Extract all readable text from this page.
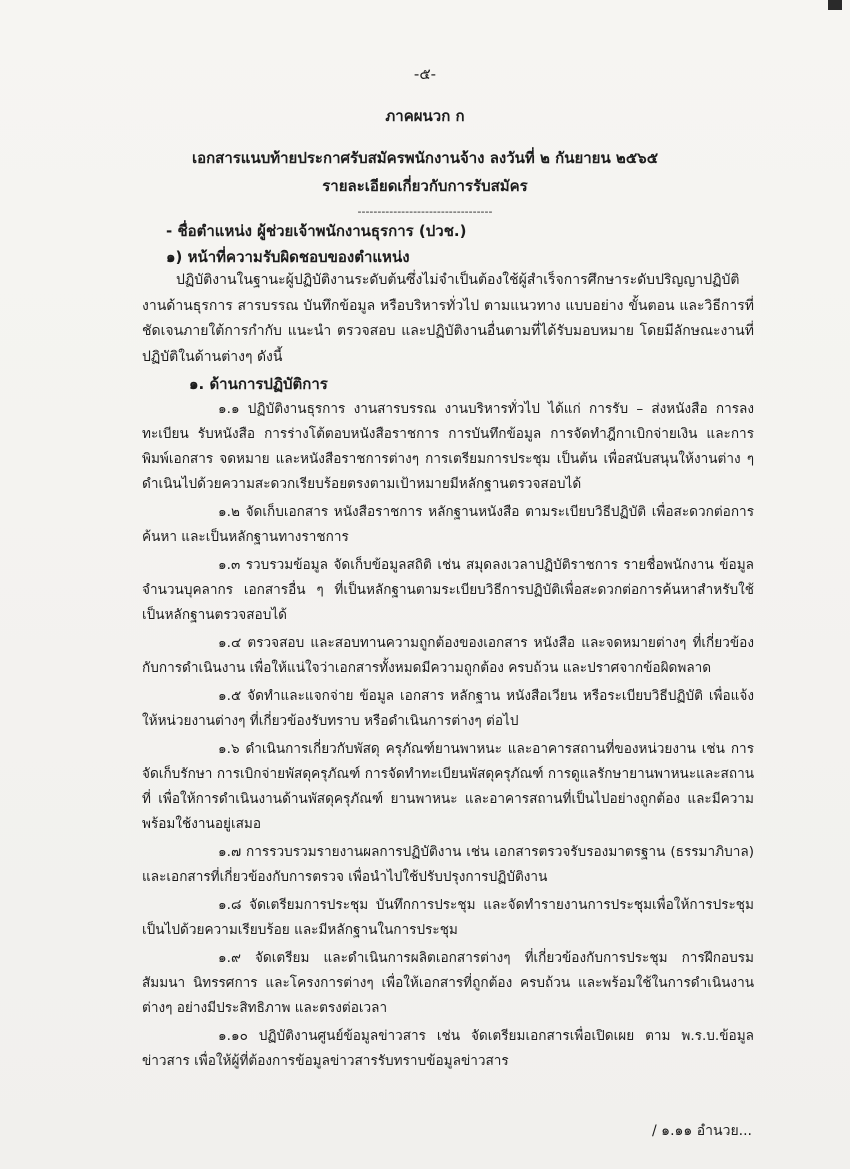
-๕-
ภาคผนวก ก
เอกสารแนบท้ายประกาศรับสมัครพนักงานจ้าง ลงวันที่ ๒ กันยายน ๒๕๖๕
รายละเอียดเกี่ยวกับการรับสมัคร
----------------------------------
- ชื่อตำแหน่ง ผู้ช่วยเจ้าพนักงานธุรการ (ปวช.)
๑) หน้าที่ความรับผิดชอบของตำแหน่ง
ปฏิบัติงานในฐานะผู้ปฏิบัติงานระดับต้นซึ่งไม่จำเป็นต้องใช้ผู้สำเร็จการศึกษาระดับปริญญาปฏิบัติงานด้านธุรการ สารบรรณ บันทึกข้อมูล หรือบริหารทั่วไป ตามแนวทาง แบบอย่าง ขั้นตอน และวิธีการที่ชัดเจนภายใต้การกำกับ แนะนำ ตรวจสอบ และปฏิบัติงานอื่นตามที่ได้รับมอบหมาย โดยมีลักษณะงานที่ปฏิบัติในด้านต่างๆ ดังนี้
๑. ด้านการปฏิบัติการ
๑.๑ ปฏิบัติงานธุรการ งานสารบรรณ งานบริหารทั่วไป ได้แก่ การรับ – ส่งหนังสือ การลงทะเบียน รับหนังสือ การร่างโต้ตอบหนังสือราชการ การบันทึกข้อมูล การจัดทำฎีกาเบิกจ่ายเงิน และการพิมพ์เอกสาร จดหมาย และหนังสือราชการต่างๆ การเตรียมการประชุม เป็นต้น เพื่อสนับสนุนให้งานต่าง ๆ ดำเนินไปด้วยความสะดวกเรียบร้อยตรงตามเป้าหมายมีหลักฐานตรวจสอบได้
๑.๒ จัดเก็บเอกสาร หนังสือราชการ หลักฐานหนังสือ ตามระเบียบวิธีปฏิบัติ เพื่อสะดวกต่อการค้นหา และเป็นหลักฐานทางราชการ
๑.๓ รวบรวมข้อมูล จัดเก็บข้อมูลสถิติ เช่น สมุดลงเวลาปฏิบัติราชการ รายชื่อพนักงาน ข้อมูลจำนวนบุคลากร เอกสารอื่น ๆ ที่เป็นหลักฐานตามระเบียบวิธีการปฏิบัติเพื่อสะดวกต่อการค้นหาสำหรับใช้เป็นหลักฐานตรวจสอบได้
๑.๔ ตรวจสอบ และสอบทานความถูกต้องของเอกสาร หนังสือ และจดหมายต่างๆ ที่เกี่ยวข้องกับการดำเนินงาน เพื่อให้แน่ใจว่าเอกสารทั้งหมดมีความถูกต้อง ครบถ้วน และปราศจากข้อผิดพลาด
๑.๕ จัดทำและแจกจ่าย ข้อมูล เอกสาร หลักฐาน หนังสือเวียน หรือระเบียบวิธีปฏิบัติ เพื่อแจ้งให้หน่วยงานต่างๆ ที่เกี่ยวข้องรับทราบ หรือดำเนินการต่างๆ ต่อไป
๑.๖ ดำเนินการเกี่ยวกับพัสดุ ครุภัณฑ์ยานพาหนะ และอาคารสถานที่ของหน่วยงาน เช่น การจัดเก็บรักษา การเบิกจ่ายพัสดุครุภัณฑ์ การจัดทำทะเบียนพัสดุครุภัณฑ์ การดูแลรักษายานพาหนะและสถานที่ เพื่อให้การดำเนินงานด้านพัสดุครุภัณฑ์ ยานพาหนะ และอาคารสถานที่เป็นไปอย่างถูกต้อง และมีความพร้อมใช้งานอยู่เสมอ
๑.๗ การรวบรวมรายงานผลการปฏิบัติงาน เช่น เอกสารตรวจรับรองมาตรฐาน (ธรรมาภิบาล) และเอกสารที่เกี่ยวข้องกับการตรวจ เพื่อนำไปใช้ปรับปรุงการปฏิบัติงาน
๑.๘ จัดเตรียมการประชุม บันทึกการประชุม และจัดทำรายงานการประชุมเพื่อให้การประชุมเป็นไปด้วยความเรียบร้อย และมีหลักฐานในการประชุม
๑.๙ จัดเตรียม และดำเนินการผลิตเอกสารต่างๆ ที่เกี่ยวข้องกับการประชุม การฝึกอบรม สัมมนา นิทรรศการ และโครงการต่างๆ เพื่อให้เอกสารที่ถูกต้อง ครบถ้วน และพร้อมใช้ในการดำเนินงานต่างๆ อย่างมีประสิทธิภาพ และตรงต่อเวลา
๑.๑๐ ปฏิบัติงานศูนย์ข้อมูลข่าวสาร เช่น จัดเตรียมเอกสารเพื่อเปิดเผย ตาม พ.ร.บ.ข้อมูลข่าวสาร เพื่อให้ผู้ที่ต้องการข้อมูลข่าวสารรับทราบข้อมูลข่าวสาร
/ ๑.๑๑ อำนวย...
